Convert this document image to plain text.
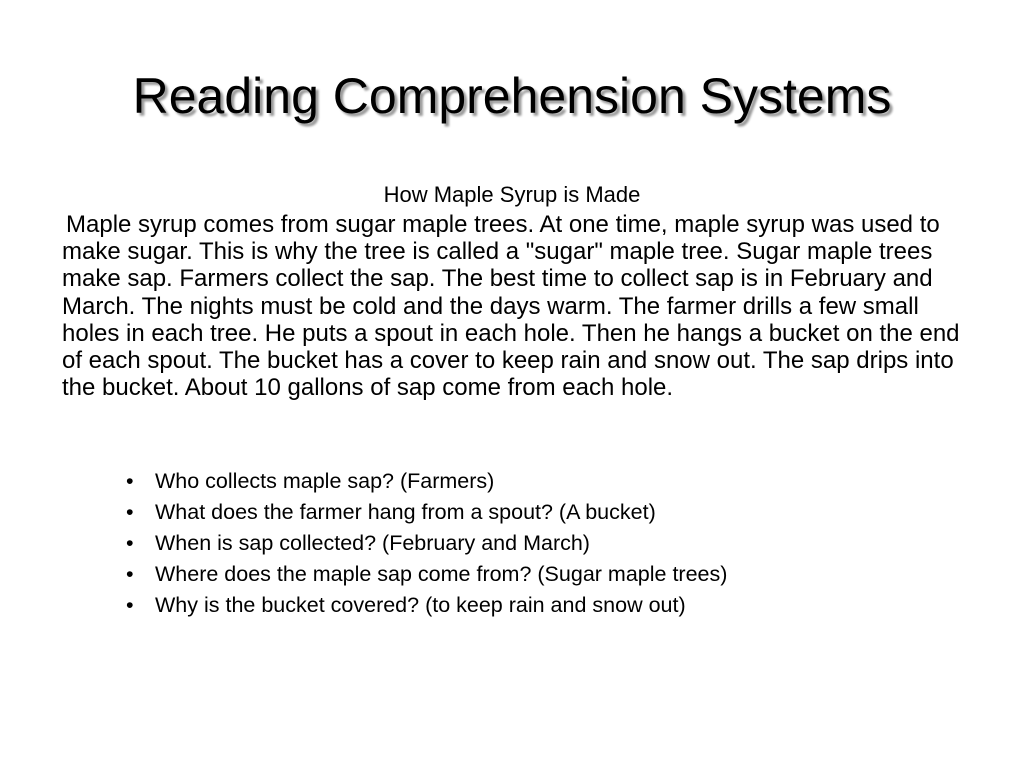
Reading Comprehension Systems

How Maple Syrup is Made

Maple syrup comes from sugar maple trees. At one time, maple syrup was used to make sugar. This is why the tree is called a "sugar" maple tree. Sugar maple trees make sap. Farmers collect the sap. The best time to collect sap is in February and March. The nights must be cold and the days warm. The farmer drills a few small holes in each tree. He puts a spout in each hole. Then he hangs a bucket on the end of each spout. The bucket has a cover to keep rain and snow out. The sap drips into the bucket. About 10 gallons of sap come from each hole.

• Who collects maple sap? (Farmers)
• What does the farmer hang from a spout? (A bucket)
• When is sap collected? (February and March)
• Where does the maple sap come from? (Sugar maple trees)
• Why is the bucket covered? (to keep rain and snow out)
